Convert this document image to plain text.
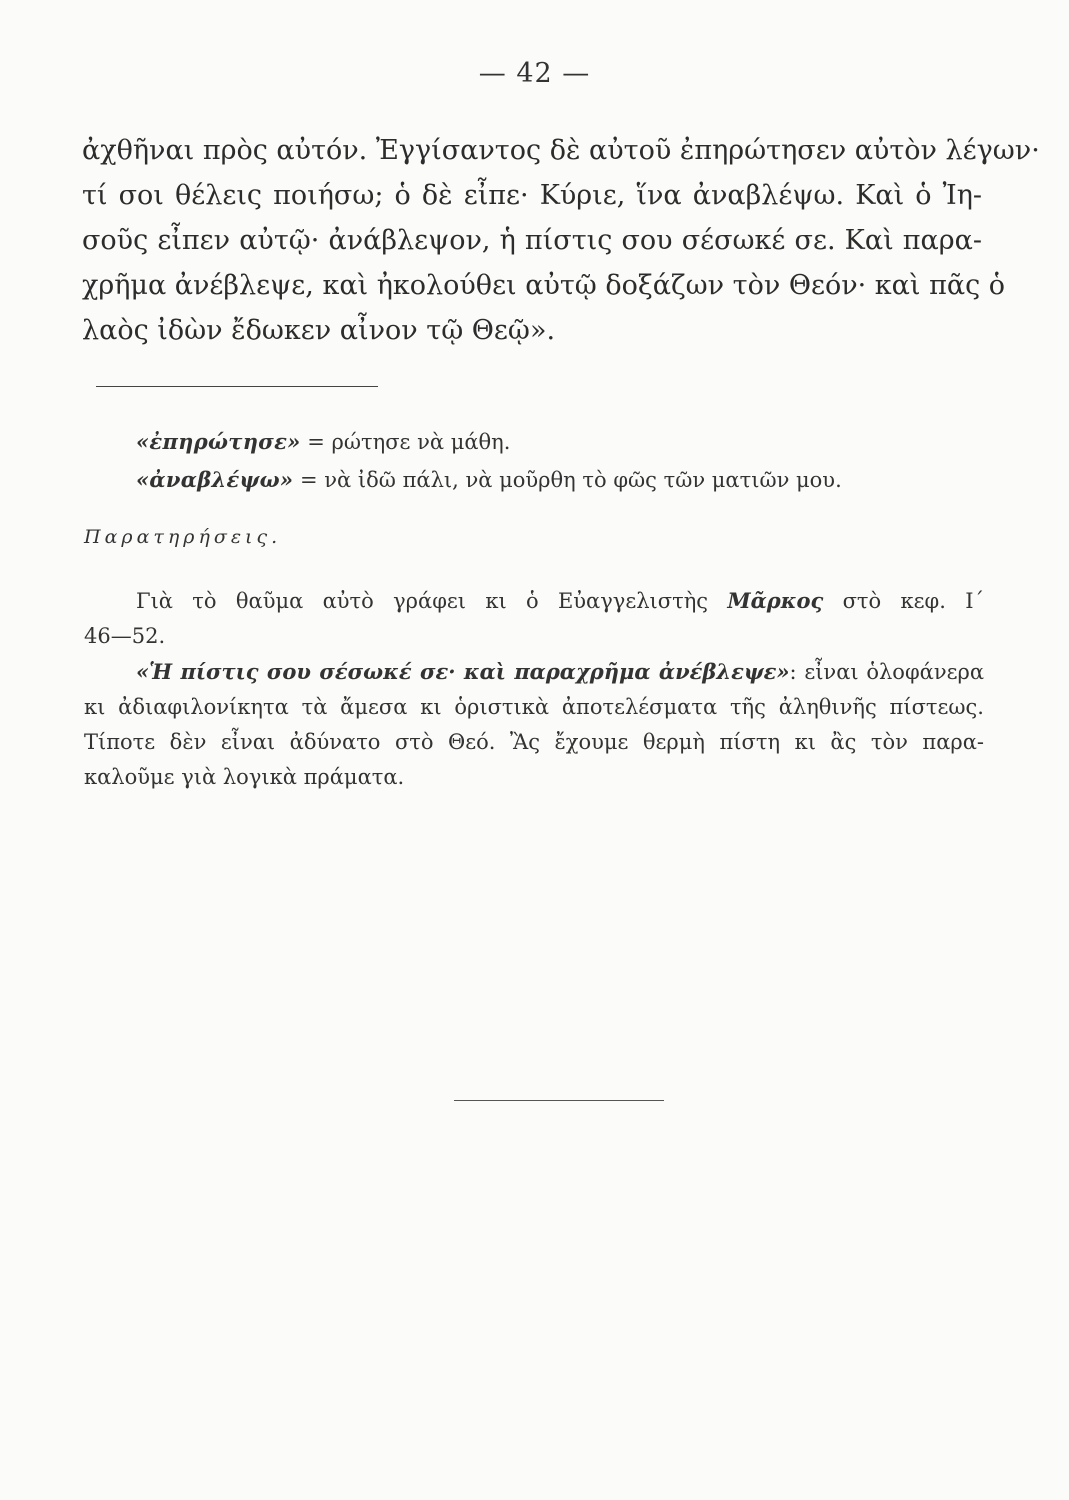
— 42 —
ἀχθῆναι πρὸς αὐτόν. Ἐγγίσαντος δὲ αὐτοῦ ἐπηρώτησεν αὐτὸν λέγων·
τί σοι θέλεις ποιήσω; ὁ δὲ εἶπε· Κύριε, ἵνα ἀναβλέψω. Καὶ ὁ Ἰη-
σοῦς εἶπεν αὐτῷ· ἀνάβλεψον, ἡ πίστις σου σέσωκέ σε. Καὶ παρα-
χρῆμα ἀνέβλεψε, καὶ ἠκολούθει αὐτῷ δοξάζων τὸν Θεόν· καὶ πᾶς ὁ
λαὸς ἰδὼν ἔδωκεν αἶνον τῷ Θεῷ».
«ἐπηρώτησε» = ρώτησε νὰ μάθη.
«ἀναβλέψω» = νὰ ἰδῶ πάλι, νὰ μοῦρθη τὸ φῶς τῶν ματιῶν μου.
Παρατηρήσεις.
Γιὰ τὸ θαῦμα αὐτὸ γράφει κι ὁ Εὐαγγελιστὴς Μᾶρκος στὸ κεφ. Ι΄
46—52.
«Ἡ πίστις σου σέσωκέ σε· καὶ παραχρῆμα ἀνέβλεψε»: εἶναι ὁλοφάνερα
κι ἀδιαφιλονίκητα τὰ ἄμεσα κι ὁριστικὰ ἀποτελέσματα τῆς ἀληθινῆς πίστεως.
Τίποτε δὲν εἶναι ἀδύνατο στὸ Θεό. Ἂς ἔχουμε θερμὴ πίστη κι ἂς τὸν παρα-
καλοῦμε γιὰ λογικὰ πράματα.
